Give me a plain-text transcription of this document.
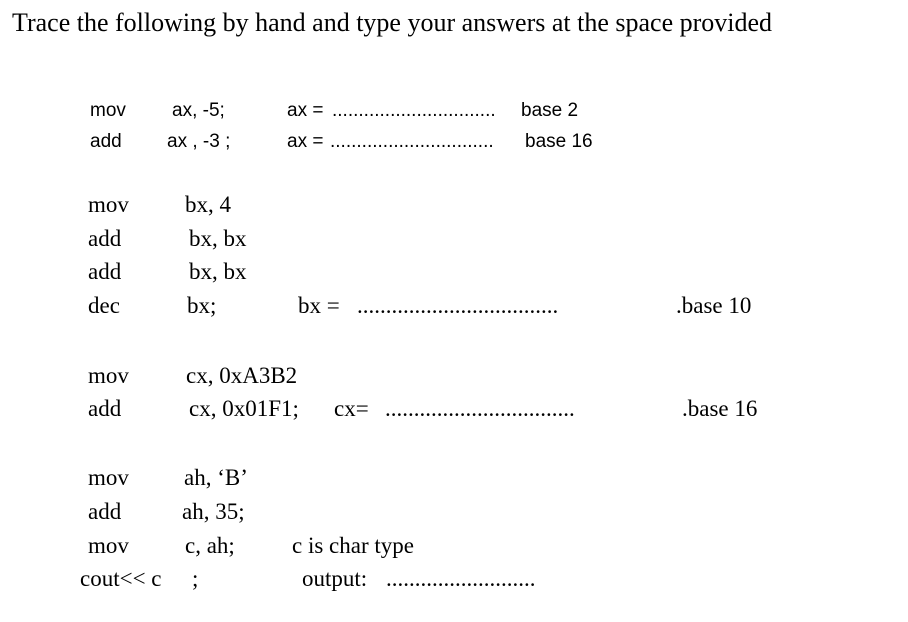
Trace the following by hand and type your answers at the space provided
mov ax, -5;	ax = ............................... base 2
add ax , -3 ;	ax = ............................... base 16
mov bx, 4
add	bx, bx
add	bx, bx
dec	bx;	bx = ...................................	.base 10
mov cx, 0xA3B2
add	cx, 0x01F1; cx= .................................	.base 16
mov ah, ‘B’
add	ah, 35;
mov c, ah; c is char type
cout<< c ;	output: ..........................
